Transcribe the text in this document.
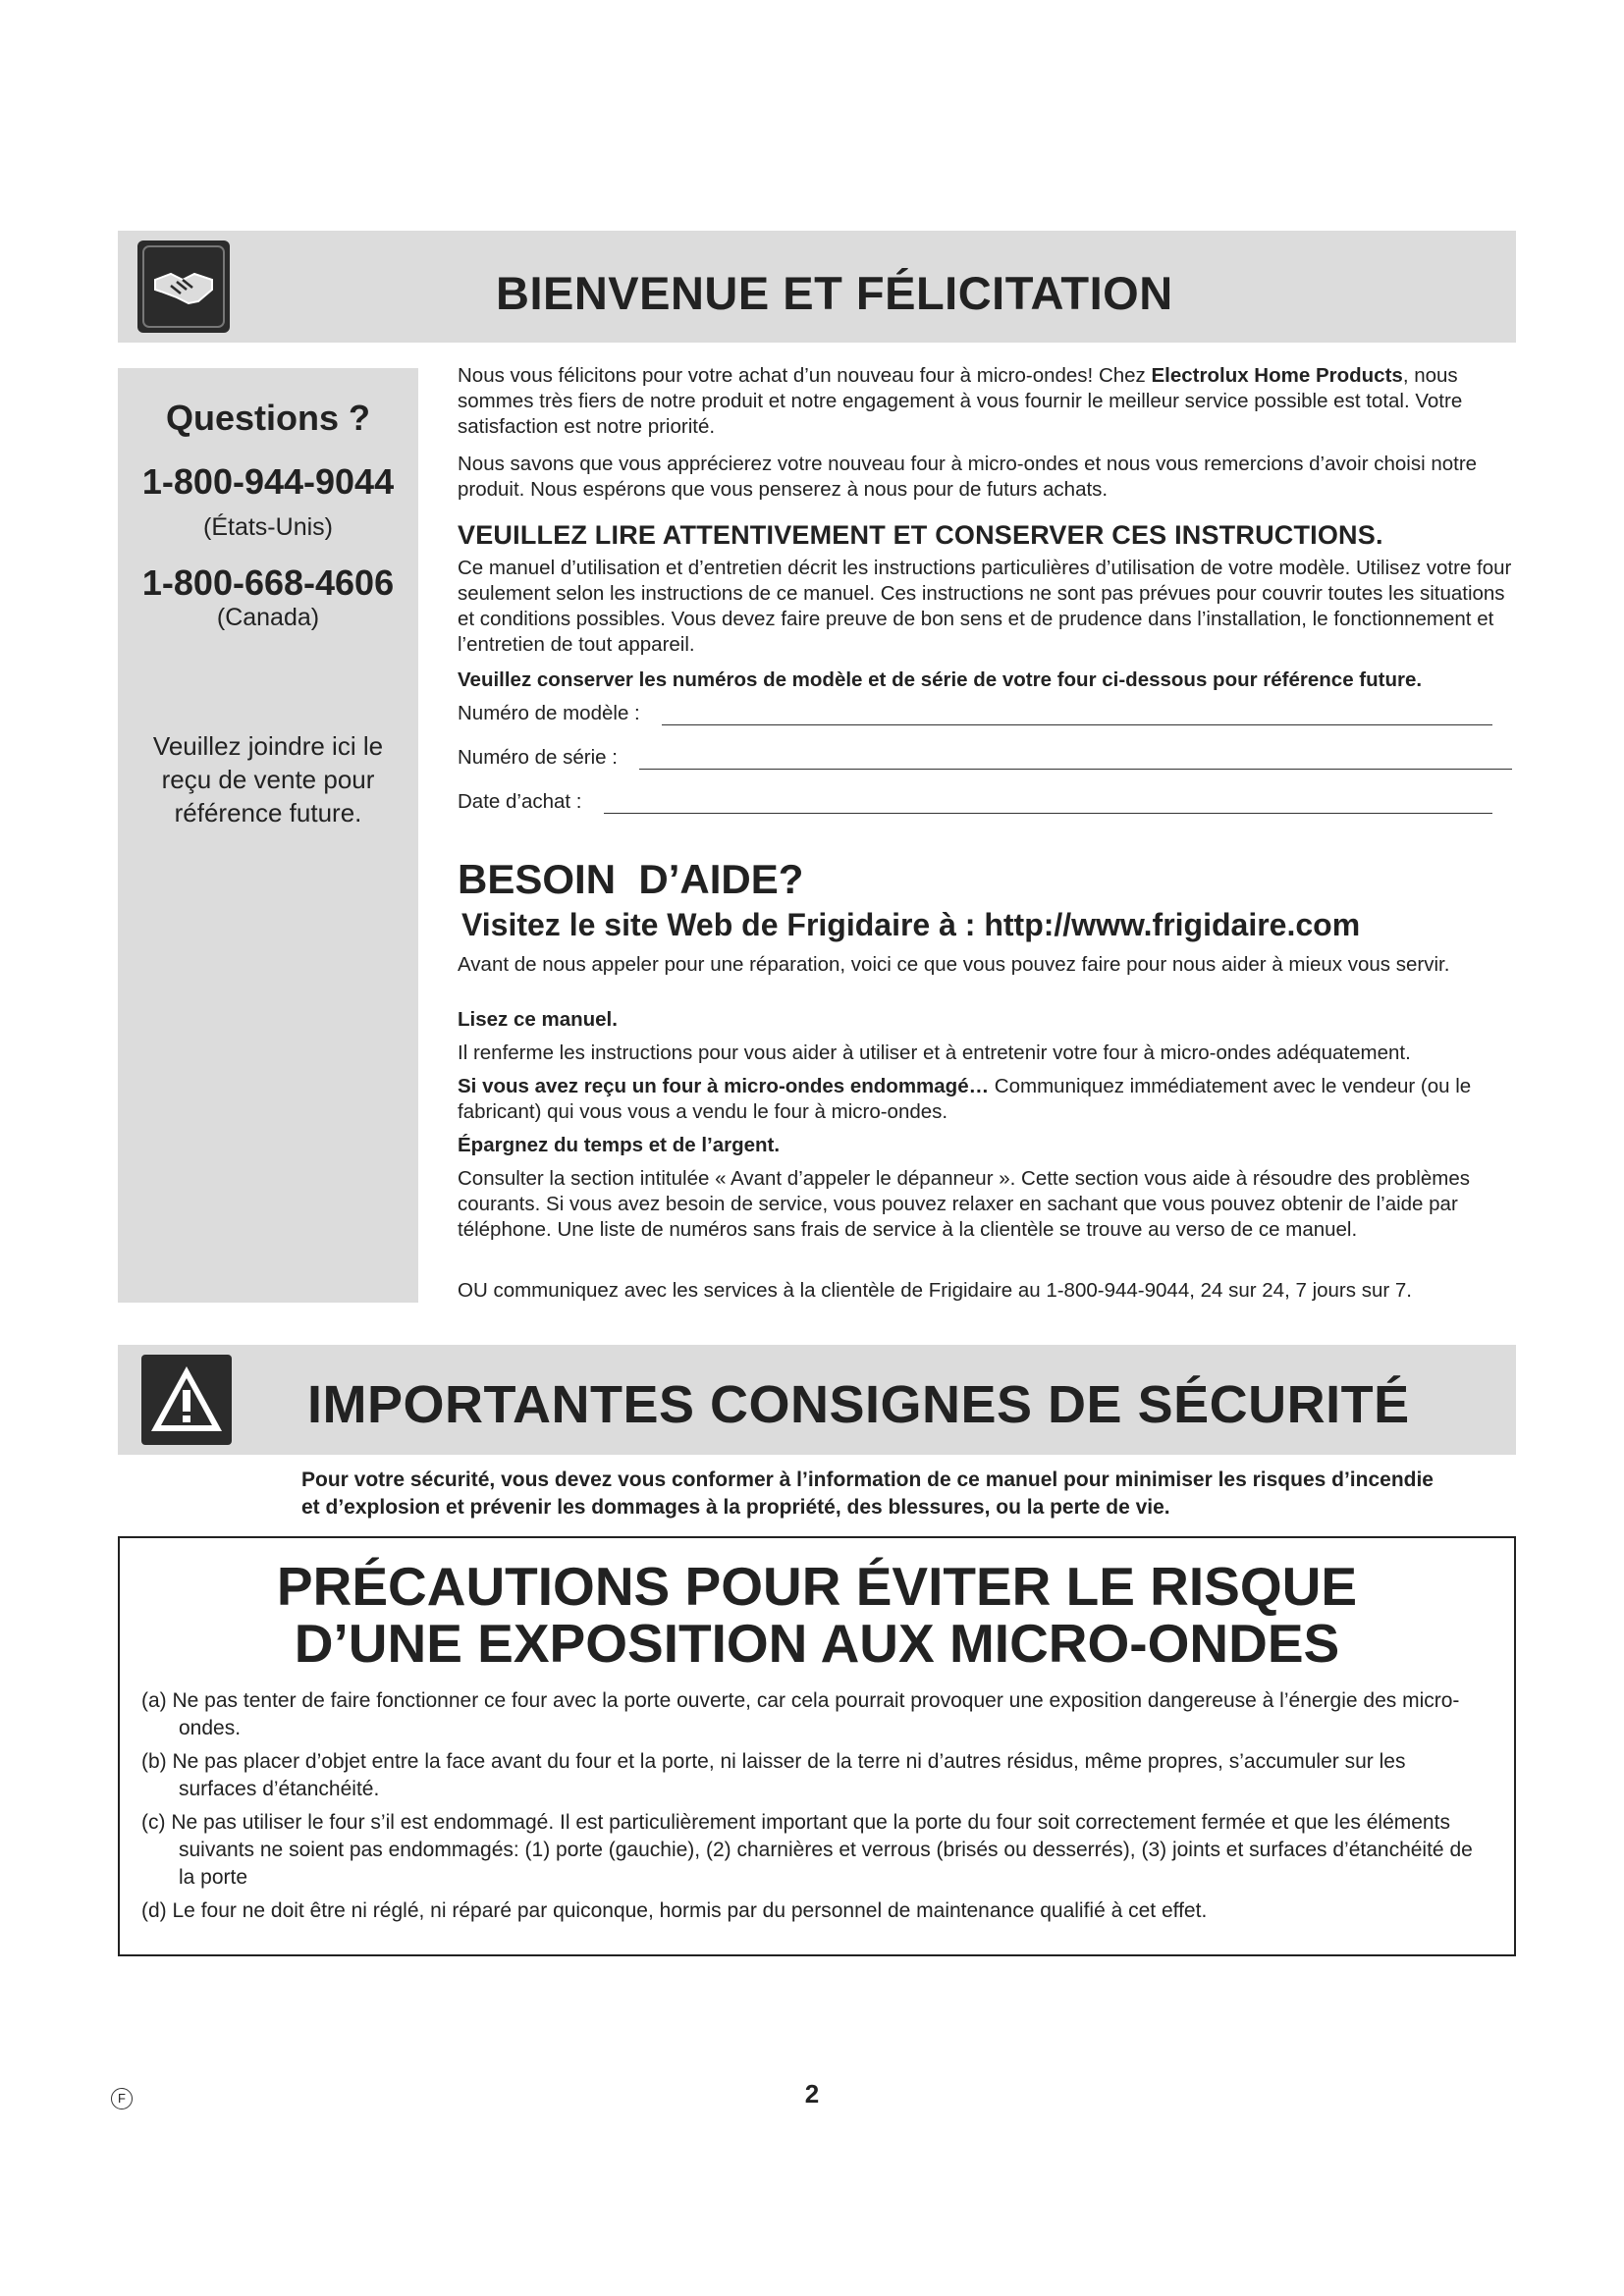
BIENVENUE ET FÉLICITATION
Questions ?
1-800-944-9044
(États-Unis)
1-800-668-4606
(Canada)
Veuillez joindre ici le reçu de vente pour référence future.

Nous vous félicitons pour votre achat d’un nouveau four à micro-ondes! Chez Electrolux Home Products, nous sommes très fiers de notre produit et notre engagement à vous fournir le meilleur service possible est total. Votre satisfaction est notre priorité.

Nous savons que vous apprécierez votre nouveau four à micro-ondes et nous vous remercions d’avoir choisi notre produit. Nous espérons que vous penserez à nous pour de futurs achats.

VEUILLEZ LIRE ATTENTIVEMENT ET CONSERVER CES INSTRUCTIONS.

Ce manuel d’utilisation et d’entretien décrit les instructions particulières d’utilisation de votre modèle. Utilisez votre four seulement selon les instructions de ce manuel. Ces instructions ne sont pas prévues pour couvrir toutes les situations et conditions possibles. Vous devez faire preuve de bon sens et de prudence dans l’installation, le fonctionnement et l’entretien de tout appareil.

Veuillez conserver les numéros de modèle et de série de votre four ci-dessous pour référence future.

Numéro de modèle :
Numéro de série :
Date d’achat :
BESOIN  D’AIDE?
Visitez le site Web de Frigidaire à : http://www.frigidaire.com

Avant de nous appeler pour une réparation, voici ce que vous pouvez faire pour nous aider à mieux vous servir.

Lisez ce manuel.

Il renferme les instructions pour vous aider à utiliser et à entretenir votre four à micro-ondes adéquatement.

Si vous avez reçu un four à micro-ondes endommagé… Communiquez immédiatement avec le vendeur (ou le fabricant) qui vous vous a vendu le four à micro-ondes.

Épargnez du temps et de l’argent.

Consulter la section intitulée « Avant d’appeler le dépanneur ». Cette section vous aide à résoudre des problèmes courants. Si vous avez besoin de service, vous pouvez relaxer en sachant que vous pouvez obtenir de l’aide par téléphone. Une liste de numéros sans frais de service à la clientèle se trouve au verso de ce manuel.

OU communiquez avec les services à la clientèle de Frigidaire au 1-800-944-9044, 24 sur 24, 7 jours sur 7.

IMPORTANTES CONSIGNES DE SÉCURITÉ

Pour votre sécurité, vous devez vous conformer à l’information de ce manuel pour minimiser les risques d’incendie et d’explosion et prévenir les dommages à la propriété, des blessures, ou la perte de vie.

PRÉCAUTIONS POUR ÉVITER LE RISQUE
D’UNE EXPOSITION AUX MICRO-ONDES
(a) Ne pas tenter de faire fonctionner ce four avec la porte ouverte, car cela pourrait provoquer une exposition dangereuse à l’énergie des micro-ondes.
(b) Ne pas placer d’objet entre la face avant du four et la porte, ni laisser de la terre ni d’autres résidus, même propres, s’accumuler sur les surfaces d’étanchéité.
(c) Ne pas utiliser le four s’il est endommagé. Il est particulièrement important que la porte du four soit correctement fermée et que les éléments suivants ne soient pas endommagés: (1) porte (gauchie), (2) charnières et verrous (brisés ou desserrés), (3) joints et surfaces d’étanchéité de la porte
(d) Le four ne doit être ni réglé, ni réparé par quiconque, hormis par du personnel de maintenance qualifié à cet effet.
F	2
